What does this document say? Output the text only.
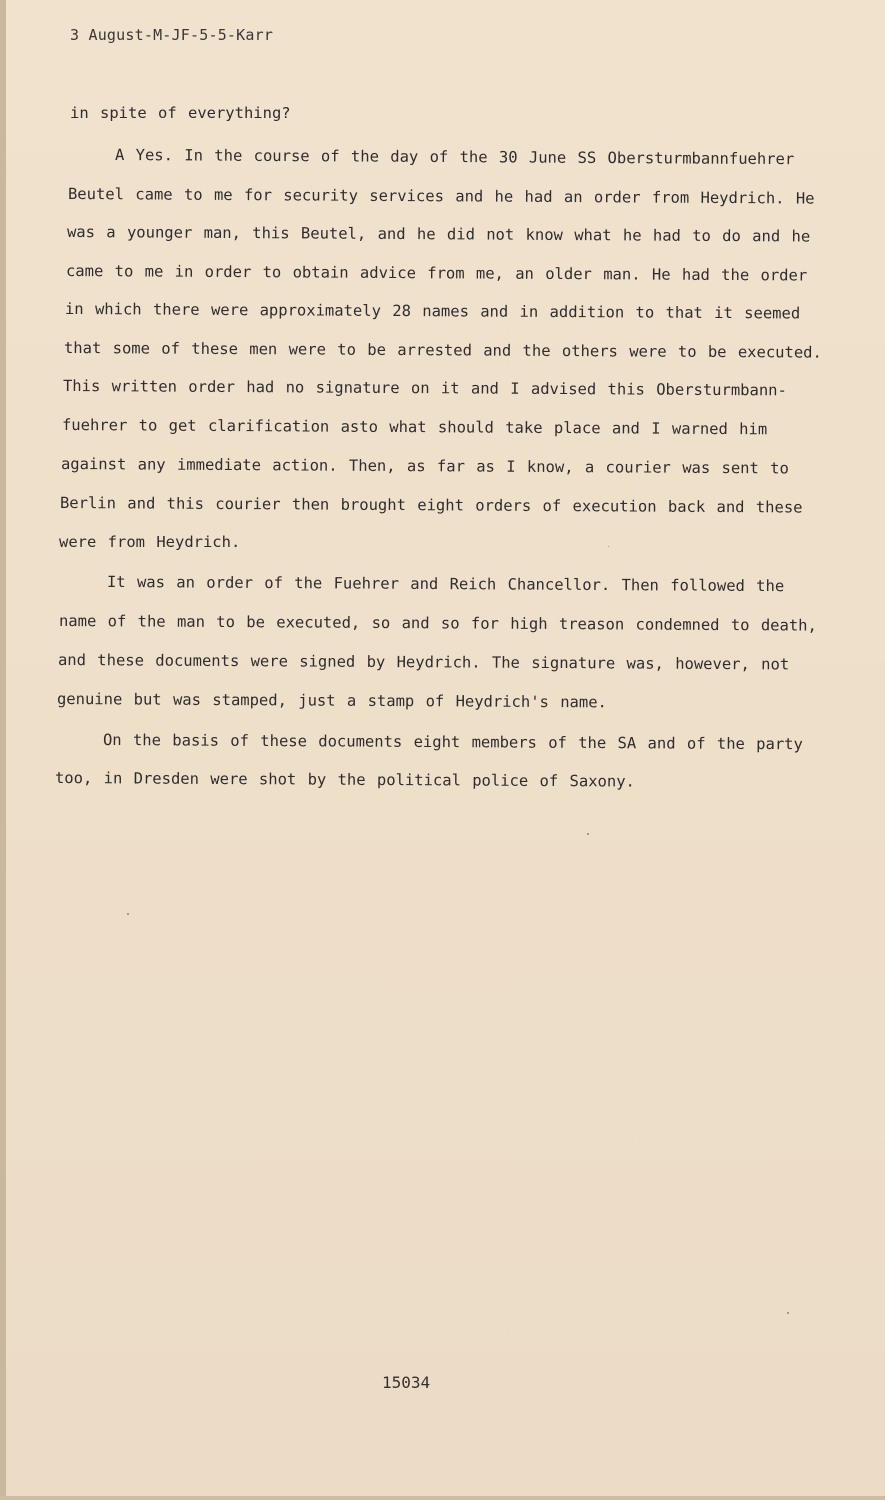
3 August-M-JF-5-5-Karr
in spite of everything?
A Yes. In the course of the day of the 30 June SS Obersturmbannfuehrer
Beutel came to me for security services and he had an order from Heydrich. He
was a younger man, this Beutel, and he did not know what he had to do and he
came to me in order to obtain advice from me, an older man. He had the order
in which there were approximately 28 names and in addition to that it seemed
that some of these men were to be arrested and the others were to be executed.
This written order had no signature on it and I advised this Obersturmbann-
fuehrer to get clarification asto what should take place and I warned him
against any immediate action. Then, as far as I know, a courier was sent to
Berlin and this courier then brought eight orders of execution back and these
were from Heydrich.
It was an order of the Fuehrer and Reich Chancellor. Then followed the
name of the man to be executed, so and so for high treason condemned to death,
and these documents were signed by Heydrich. The signature was, however, not
genuine but was stamped, just a stamp of Heydrich's name.
On the basis of these documents eight members of the SA and of the party
too, in Dresden were shot by the political police of Saxony.
15034
